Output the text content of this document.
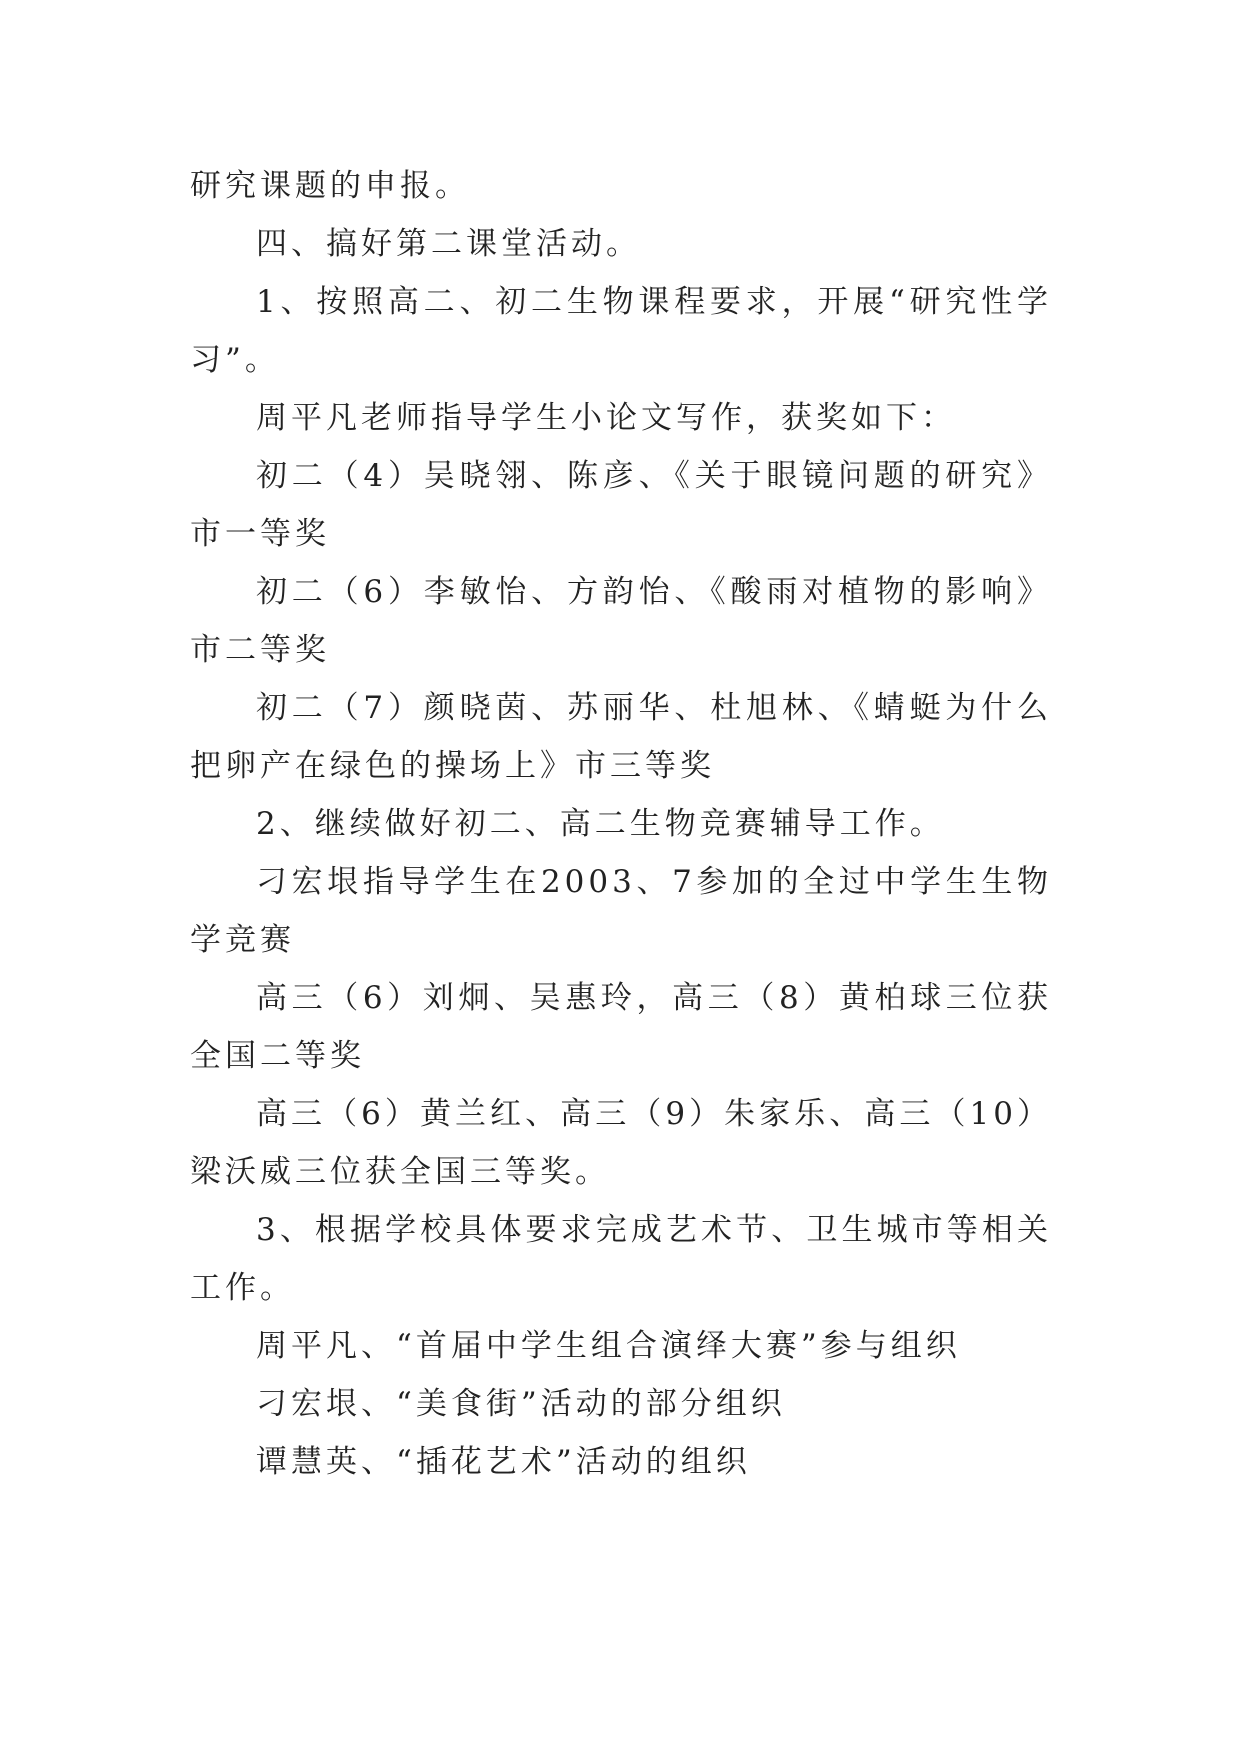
研究课题的申报。

四、搞好第二课堂活动。

1、按照高二、初二生物课程要求，开展“研究性学习”。

周平凡老师指导学生小论文写作，获奖如下：

初二（4）吴晓翎、陈彦、《关于眼镜问题的研究》市一等奖

初二（6）李敏怡、方韵怡、《酸雨对植物的影响》市二等奖

初二（7）颜晓茵、苏丽华、杜旭林、《蜻蜓为什么把卵产在绿色的操场上》市三等奖

2、继续做好初二、高二生物竞赛辅导工作。

刁宏垠指导学生在2003、7参加的全过中学生生物学竞赛

高三（6）刘炯、吴惠玲，高三（8）黄柏球三位获全国二等奖

高三（6）黄兰红、高三（9）朱家乐、高三（10）梁沃威三位获全国三等奖。

3、根据学校具体要求完成艺术节、卫生城市等相关工作。

周平凡、“首届中学生组合演绎大赛”参与组织

刁宏垠、“美食街”活动的部分组织

谭慧英、“插花艺术”活动的组织
